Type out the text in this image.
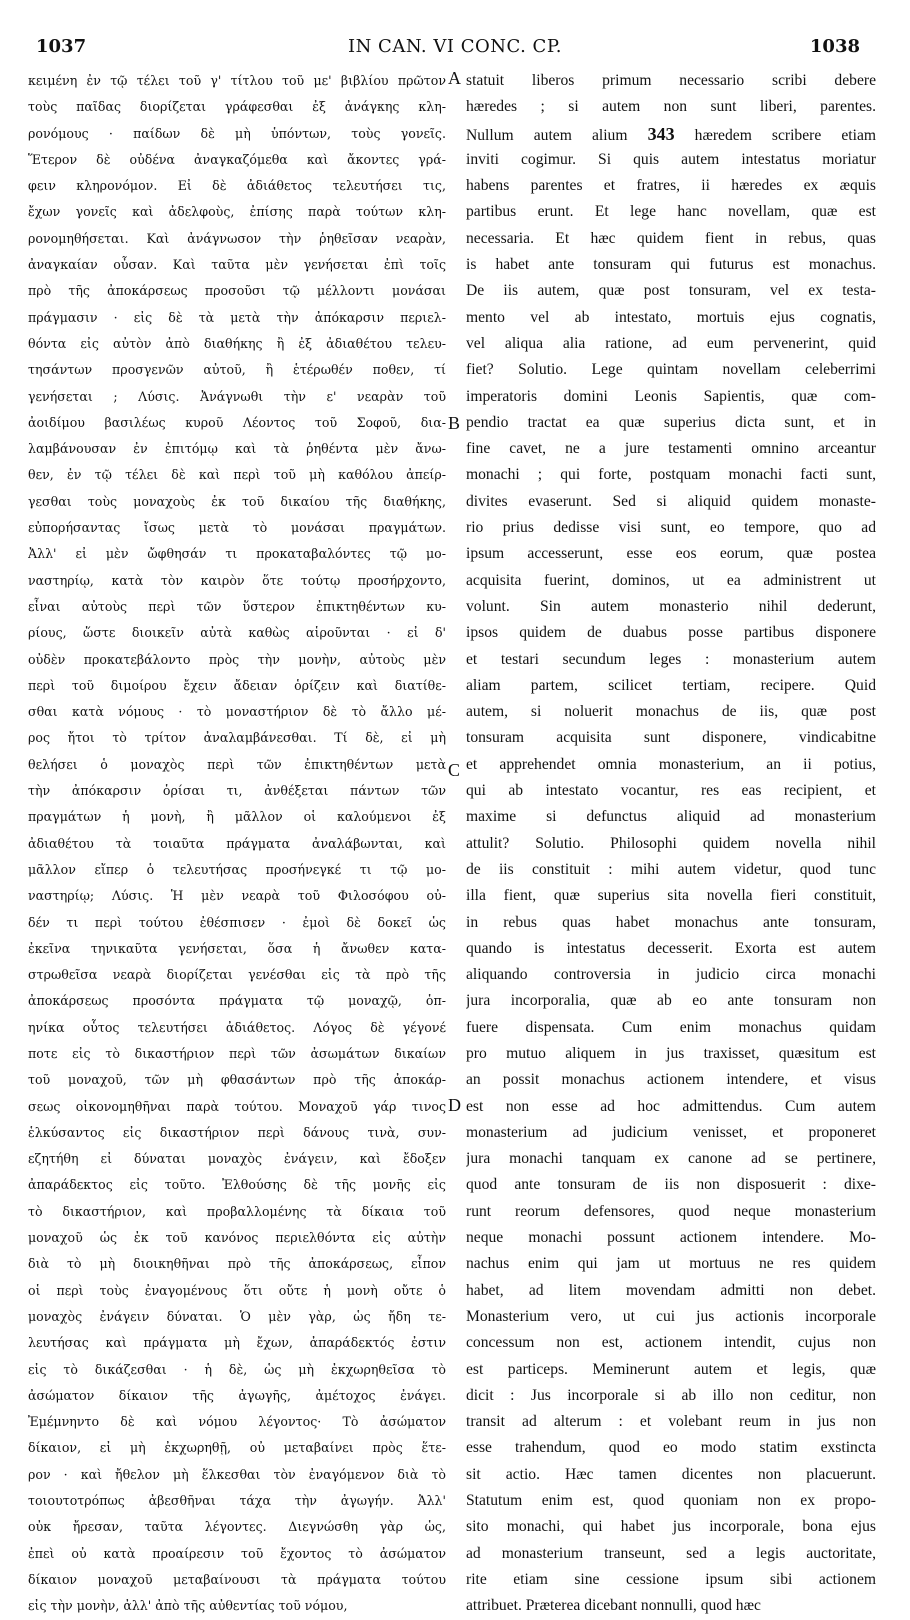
1037	IN CAN. VI CONC. CP.	1038
κειμένη ἐν τῷ τέλει τοῦ γ' τίτλου τοῦ με' βιβλίου πρῶτον
τοὺς παῖδας διορίζεται γράφεσθαι ἐξ ἀνάγκης κλη-
ρονόμους · παίδων δὲ μὴ ὑπόντων, τοὺς γονεῖς.
Ἕτερον δὲ οὐδένα ἀναγκαζόμεθα καὶ ἄκοντες γρά-
φειν κληρονόμον. Εἰ δὲ ἀδιάθετος τελευτήσει τις,
ἔχων γονεῖς καὶ ἀδελφοὺς, ἐπίσης παρὰ τούτων κλη-
ρονομηθήσεται. Καὶ ἀνάγνωσον τὴν ῥηθεῖσαν νεαρὰν,
ἀναγκαίαν οὖσαν. Καὶ ταῦτα μὲν γενήσεται ἐπὶ τοῖς
πρὸ τῆς ἀποκάρσεως προσοῦσι τῷ μέλλοντι μονάσαι
πράγμασιν · εἰς δὲ τὰ μετὰ τὴν ἀπόκαρσιν περιελ-
θόντα εἰς αὐτὸν ἀπὸ διαθήκης ἢ ἐξ ἀδιαθέτου τελευ-
τησάντων προσγενῶν αὐτοῦ, ἢ ἑτέρωθέν ποθεν, τί
γενήσεται ; Λύσις. Ἀνάγνωθι τὴν ε' νεαρὰν τοῦ
ἀοιδίμου βασιλέως κυροῦ Λέοντος τοῦ Σοφοῦ, δια-
λαμβάνουσαν ἐν ἐπιτόμῳ καὶ τὰ ῥηθέντα μὲν ἄνω-
θεν, ἐν τῷ τέλει δὲ καὶ περὶ τοῦ μὴ καθόλου ἀπείρ-
γεσθαι τοὺς μοναχοὺς ἐκ τοῦ δικαίου τῆς διαθήκης,
εὐπορήσαντας ἴσως μετὰ τὸ μονάσαι πραγμάτων.
Ἀλλ' εἰ μὲν ὤφθησάν τι προκαταβαλόντες τῷ μο-
ναστηρίῳ, κατὰ τὸν καιρὸν ὅτε τούτῳ προσήρχοντο,
εἶναι αὐτοὺς περὶ τῶν ὕστερον ἐπικτηθέντων κυ-
ρίους, ὥστε διοικεῖν αὐτὰ καθὼς αἱροῦνται · εἰ δ'
οὐδὲν προκατεβάλοντο πρὸς τὴν μονὴν, αὐτοὺς μὲν
περὶ τοῦ διμοίρου ἔχειν ἄδειαν ὁρίζειν καὶ διατίθε-
σθαι κατὰ νόμους · τὸ μοναστήριον δὲ τὸ ἄλλο μέ-
ρος ἤτοι τὸ τρίτον ἀναλαμβάνεσθαι. Τί δὲ, εἰ μὴ
θελήσει ὁ μοναχὸς περὶ τῶν ἐπικτηθέντων μετὰ
τὴν ἀπόκαρσιν ὁρίσαι τι, ἀνθέξεται πάντων τῶν
πραγμάτων ἡ μονὴ, ἢ μᾶλλον οἱ καλούμενοι ἐξ
ἀδιαθέτου τὰ τοιαῦτα πράγματα ἀναλάβωνται, καὶ
μᾶλλον εἴπερ ὁ τελευτήσας προσήνεγκέ τι τῷ μο-
ναστηρίῳ; Λύσις. Ἡ μὲν νεαρὰ τοῦ Φιλοσόφου οὐ-
δέν τι περὶ τούτου ἐθέσπισεν · ἐμοὶ δὲ δοκεῖ ὡς
ἐκεῖνα τηνικαῦτα γενήσεται, ὅσα ἡ ἄνωθεν κατα-
στρωθεῖσα νεαρὰ διορίζεται γενέσθαι εἰς τὰ πρὸ τῆς
ἀποκάρσεως προσόντα πράγματα τῷ μοναχῷ, ὁπ-
ηνίκα οὗτος τελευτήσει ἀδιάθετος. Λόγος δὲ γέγονέ
ποτε εἰς τὸ δικαστήριον περὶ τῶν ἀσωμάτων δικαίων
τοῦ μοναχοῦ, τῶν μὴ φθασάντων πρὸ τῆς ἀποκάρ-
σεως οἰκονομηθῆναι παρὰ τούτου. Μοναχοῦ γάρ τινος
ἑλκύσαντος εἰς δικαστήριον περὶ δάνους τινὰ, συν-
εζητήθη εἰ δύναται μοναχὸς ἐνάγειν, καὶ ἔδοξεν
ἀπαράδεκτος εἰς τοῦτο. Ἐλθούσης δὲ τῆς μονῆς εἰς
τὸ δικαστήριον, καὶ προβαλλομένης τὰ δίκαια τοῦ
μοναχοῦ ὡς ἐκ τοῦ κανόνος περιελθόντα εἰς αὐτὴν
διὰ τὸ μὴ διοικηθῆναι πρὸ τῆς ἀποκάρσεως, εἶπον
οἱ περὶ τοὺς ἐναγομένους ὅτι οὔτε ἡ μονὴ οὔτε ὁ
μοναχὸς ἐνάγειν δύναται. Ὁ μὲν γὰρ, ὡς ἤδη τε-
λευτήσας καὶ πράγματα μὴ ἔχων, ἀπαράδεκτός ἐστιν
εἰς τὸ δικάζεσθαι · ἡ δὲ, ὡς μὴ ἐκχωρηθεῖσα τὸ
ἀσώματον δίκαιον τῆς ἀγωγῆς, ἀμέτοχος ἐνάγει.
Ἐμέμνηντο δὲ καὶ νόμου λέγοντος· Τὸ ἀσώματον
δίκαιον, εἰ μὴ ἐκχωρηθῇ, οὐ μεταβαίνει πρὸς ἕτε-
ρον · καὶ ἤθελον μὴ ἕλκεσθαι τὸν ἐναγόμενον διὰ τὸ
τοιουτοτρόπως ἀβεσθῆναι τάχα τὴν ἀγωγήν. Ἀλλ'
οὐκ ἤρεσαν, ταῦτα λέγοντες. Διεγνώσθη γὰρ ὡς,
ἐπεὶ οὐ κατὰ προαίρεσιν τοῦ ἔχοντος τὸ ἀσώματον
δίκαιον μοναχοῦ μεταβαίνουσι τὰ πράγματα τούτου
εἰς τὴν μονὴν, ἀλλ' ἀπὸ τῆς αὐθεντίας τοῦ νόμου,
statuit liberos primum necessario scribi debere
hæredes ; si autem non sunt liberi, parentes.
Nullum autem alium 343 hæredem scribere etiam
inviti cogimur. Si quis autem intestatus moriatur
habens parentes et fratres, ii hæredes ex æquis
partibus erunt. Et lege hanc novellam, quæ est
necessaria. Et hæc quidem fient in rebus, quas
is habet ante tonsuram qui futurus est monachus.
De iis autem, quæ post tonsuram, vel ex testa-
mento vel ab intestato, mortuis ejus cognatis,
vel aliqua alia ratione, ad eum pervenerint, quid
fiet? Solutio. Lege quintam novellam celeberrimi
imperatoris domini Leonis Sapientis, quæ com-
pendio tractat ea quæ superius dicta sunt, et in
fine cavet, ne a jure testamenti omnino arceantur
monachi ; qui forte, postquam monachi facti sunt,
divites evaserunt. Sed si aliquid quidem monaste-
rio prius dedisse visi sunt, eo tempore, quo ad
ipsum accesserunt, esse eos eorum, quæ postea
acquisita fuerint, dominos, ut ea administrent ut
volunt. Sin autem monasterio nihil dederunt,
ipsos quidem de duabus posse partibus disponere
et testari secundum leges : monasterium autem
aliam partem, scilicet tertiam, recipere. Quid
autem, si noluerit monachus de iis, quæ post
tonsuram acquisita sunt disponere, vindicabitne
et apprehendet omnia monasterium, an ii potius,
qui ab intestato vocantur, res eas recipient, et
maxime si defunctus aliquid ad monasterium
attulit? Solutio. Philosophi quidem novella nihil
de iis constituit : mihi autem videtur, quod tunc
illa fient, quæ superius sita novella fieri constituit,
in rebus quas habet monachus ante tonsuram,
quando is intestatus decesserit. Exorta est autem
aliquando controversia in judicio circa monachi
jura incorporalia, quæ ab eo ante tonsuram non
fuere dispensata. Cum enim monachus quidam
pro mutuo aliquem in jus traxisset, quæsitum est
an possit monachus actionem intendere, et visus
est non esse ad hoc admittendus. Cum autem
monasterium ad judicium venisset, et proponeret
jura monachi tanquam ex canone ad se pertinere,
quod ante tonsuram de iis non disposuerit : dixe-
runt reorum defensores, quod neque monasterium
neque monachi possunt actionem intendere. Mo-
nachus enim qui jam ut mortuus ne res quidem
habet, ad litem movendam admitti non debet.
Monasterium vero, ut cui jus actionis incorporale
concessum non est, actionem intendit, cujus non
est particeps. Meminerunt autem et legis, quæ
dicit : Jus incorporale si ab illo non ceditur, non
transit ad alterum : et volebant reum in jus non
esse trahendum, quod eo modo statim exstincta
sit actio. Hæc tamen dicentes non placuerunt.
Statutum enim est, quod quoniam non ex propo-
sito monachi, qui habet jus incorporale, bona ejus
ad monasterium transeunt, sed a legis auctoritate,
rite etiam sine cessione ipsum sibi actionem
attribuet. Præterea dicebant nonnulli, quod hæc
A
B
C
D
